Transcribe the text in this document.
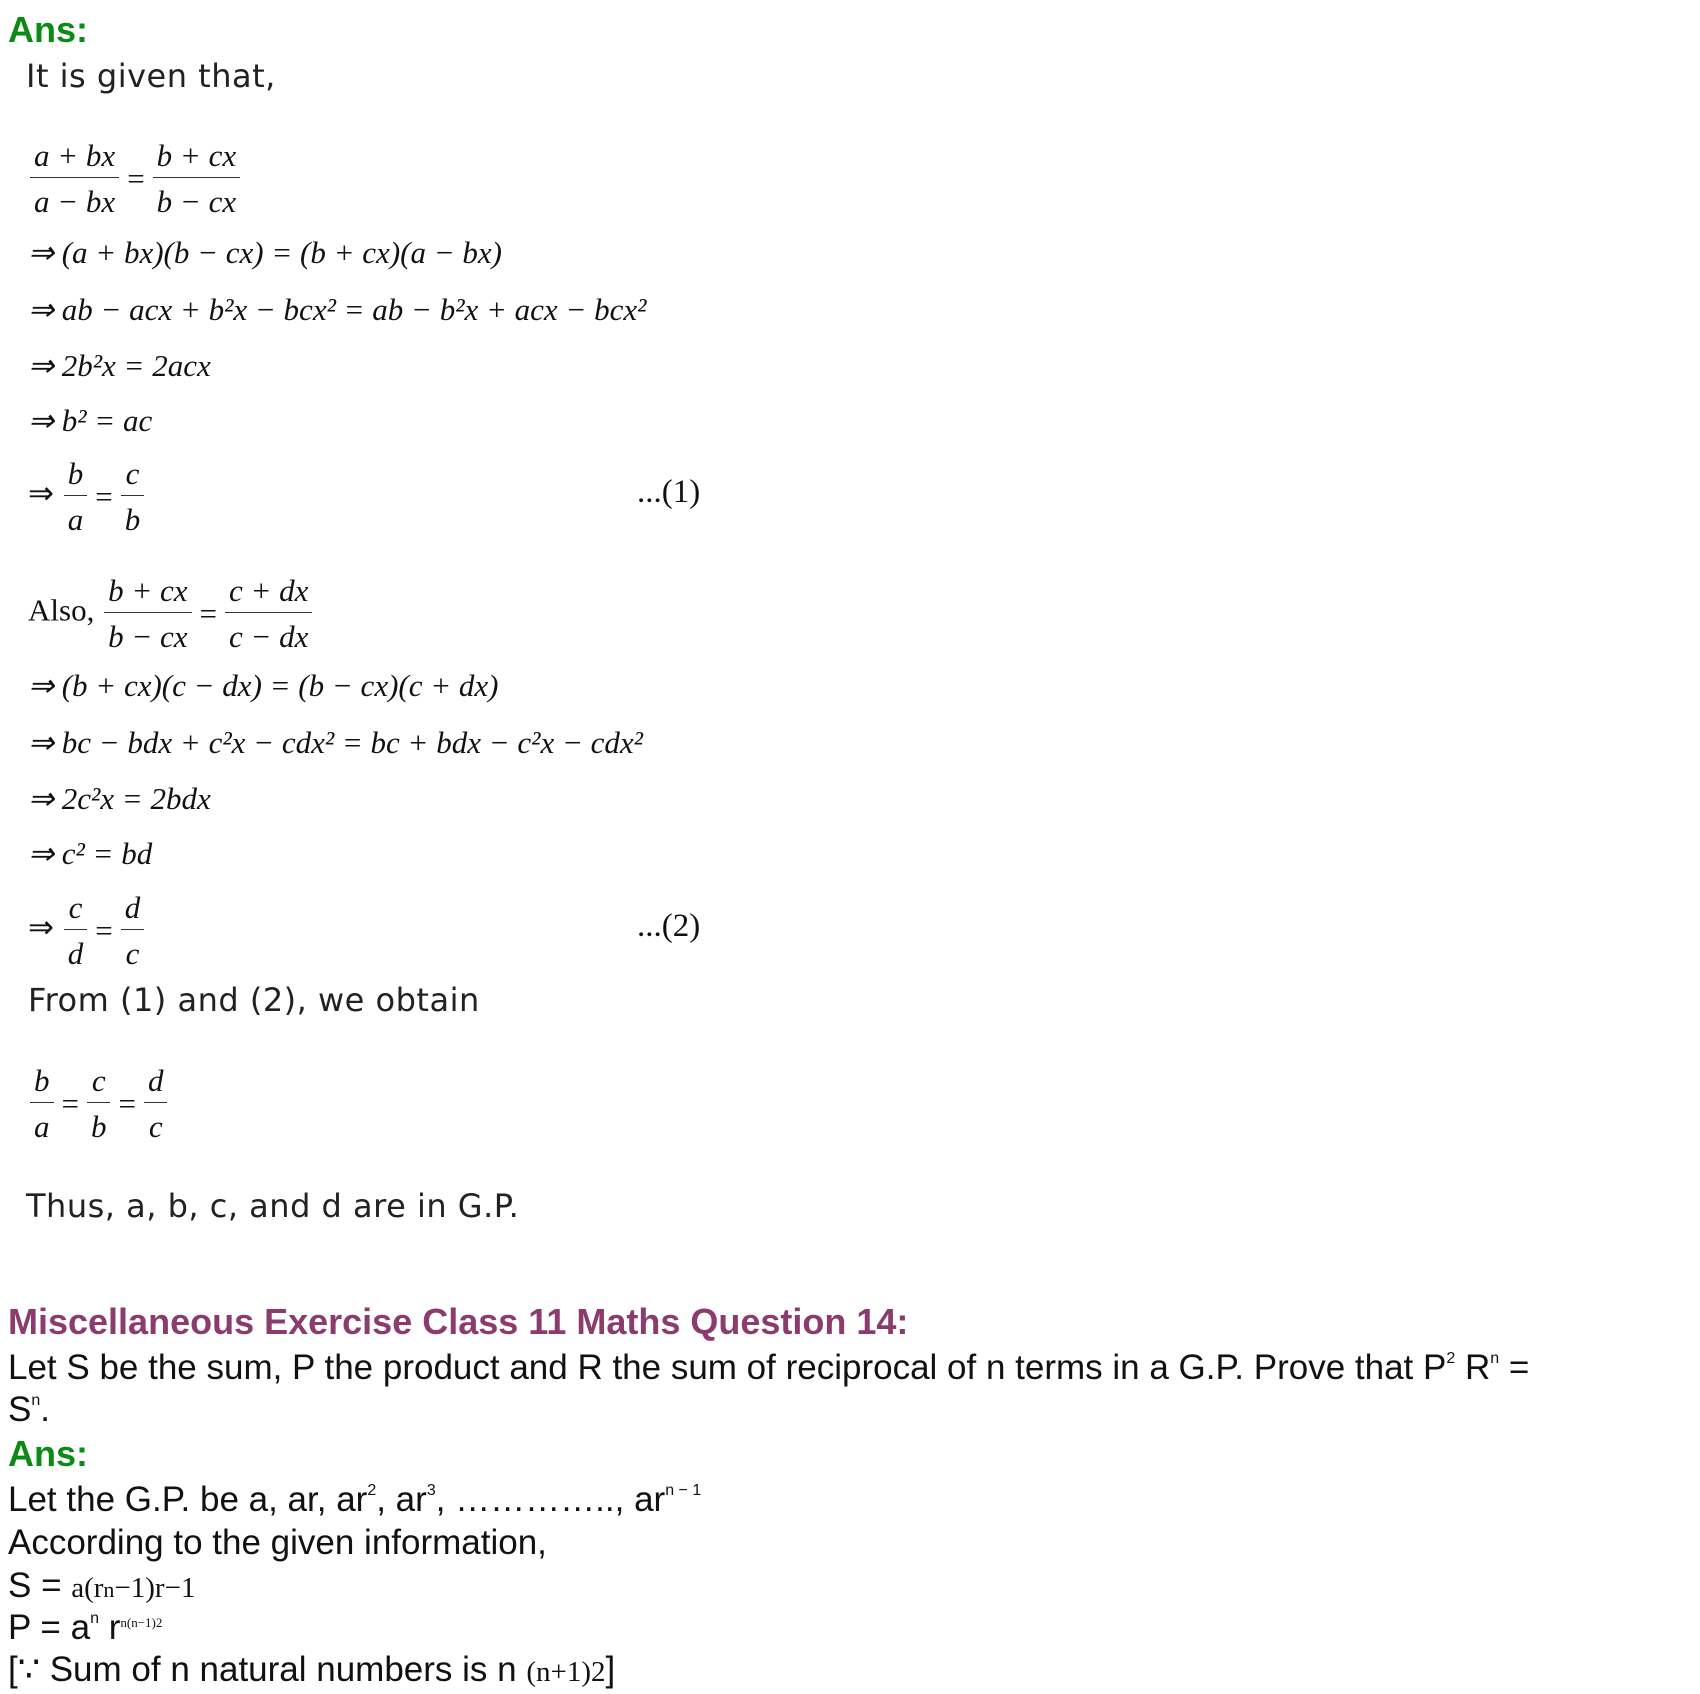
Ans:
It is given that,
$\frac{a + bx}{a - bx} = \frac{b + cx}{b - cx}$
⇒ (a + bx)(b − cx) = (b + cx)(a − bx)
⇒ ab − acx + b²x − bcx² = ab − b²x + acx − bcx²
⇒ 2b²x = 2acx
⇒ b² = ac
⇒ $\frac{b}{a} = \frac{c}{b}$	...(1)
Also, $\frac{b + cx}{b - cx} = \frac{c + dx}{c - dx}$
⇒ (b + cx)(c − dx) = (b − cx)(c + dx)
⇒ bc − bdx + c²x − cdx² = bc + bdx − c²x − cdx²
⇒ 2c²x = 2bdx
⇒ c² = bd
⇒ $\frac{c}{d} = \frac{d}{c}$	...(2)
From (1) and (2), we obtain
$\frac{b}{a} = \frac{c}{b} = \frac{d}{c}$
Thus, a, b, c, and d are in G.P.
Miscellaneous Exercise Class 11 Maths Question 14:
Let S be the sum, P the product and R the sum of reciprocal of n terms in a G.P. Prove that $P^2$ $R^n$ =
$S^n$.
Ans:
Let the G.P. be a, ar, $ar^2$, $ar^3$, ………….., $ar^{n - 1}$
According to the given information,
S = a(rn−1)r−1
$P = a^n$ $r^{n(n-1)2}$
[∵ Sum of n natural numbers is n (n+1)2]
